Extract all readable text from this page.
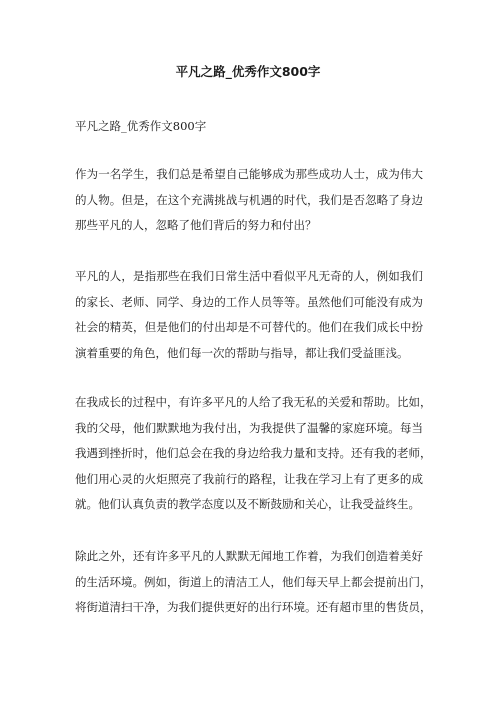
平凡之路_优秀作文800字

平凡之路_优秀作文800字

作为一名学生，我们总是希望自己能够成为那些成功人士，成为伟大
的人物。但是，在这个充满挑战与机遇的时代，我们是否忽略了身边
那些平凡的人，忽略了他们背后的努力和付出？

平凡的人，是指那些在我们日常生活中看似平凡无奇的人，例如我们
的家长、老师、同学、身边的工作人员等等。虽然他们可能没有成为
社会的精英，但是他们的付出却是不可替代的。他们在我们成长中扮
演着重要的角色，他们每一次的帮助与指导，都让我们受益匪浅。

在我成长的过程中，有许多平凡的人给了我无私的关爱和帮助。比如，
我的父母，他们默默地为我付出，为我提供了温馨的家庭环境。每当
我遇到挫折时，他们总会在我的身边给我力量和支持。还有我的老师，
他们用心灵的火炬照亮了我前行的路程，让我在学习上有了更多的成
就。他们认真负责的教学态度以及不断鼓励和关心，让我受益终生。

除此之外，还有许多平凡的人默默无闻地工作着，为我们创造着美好
的生活环境。例如，街道上的清洁工人，他们每天早上都会提前出门，
将街道清扫干净，为我们提供更好的出行环境。还有超市里的售货员，
